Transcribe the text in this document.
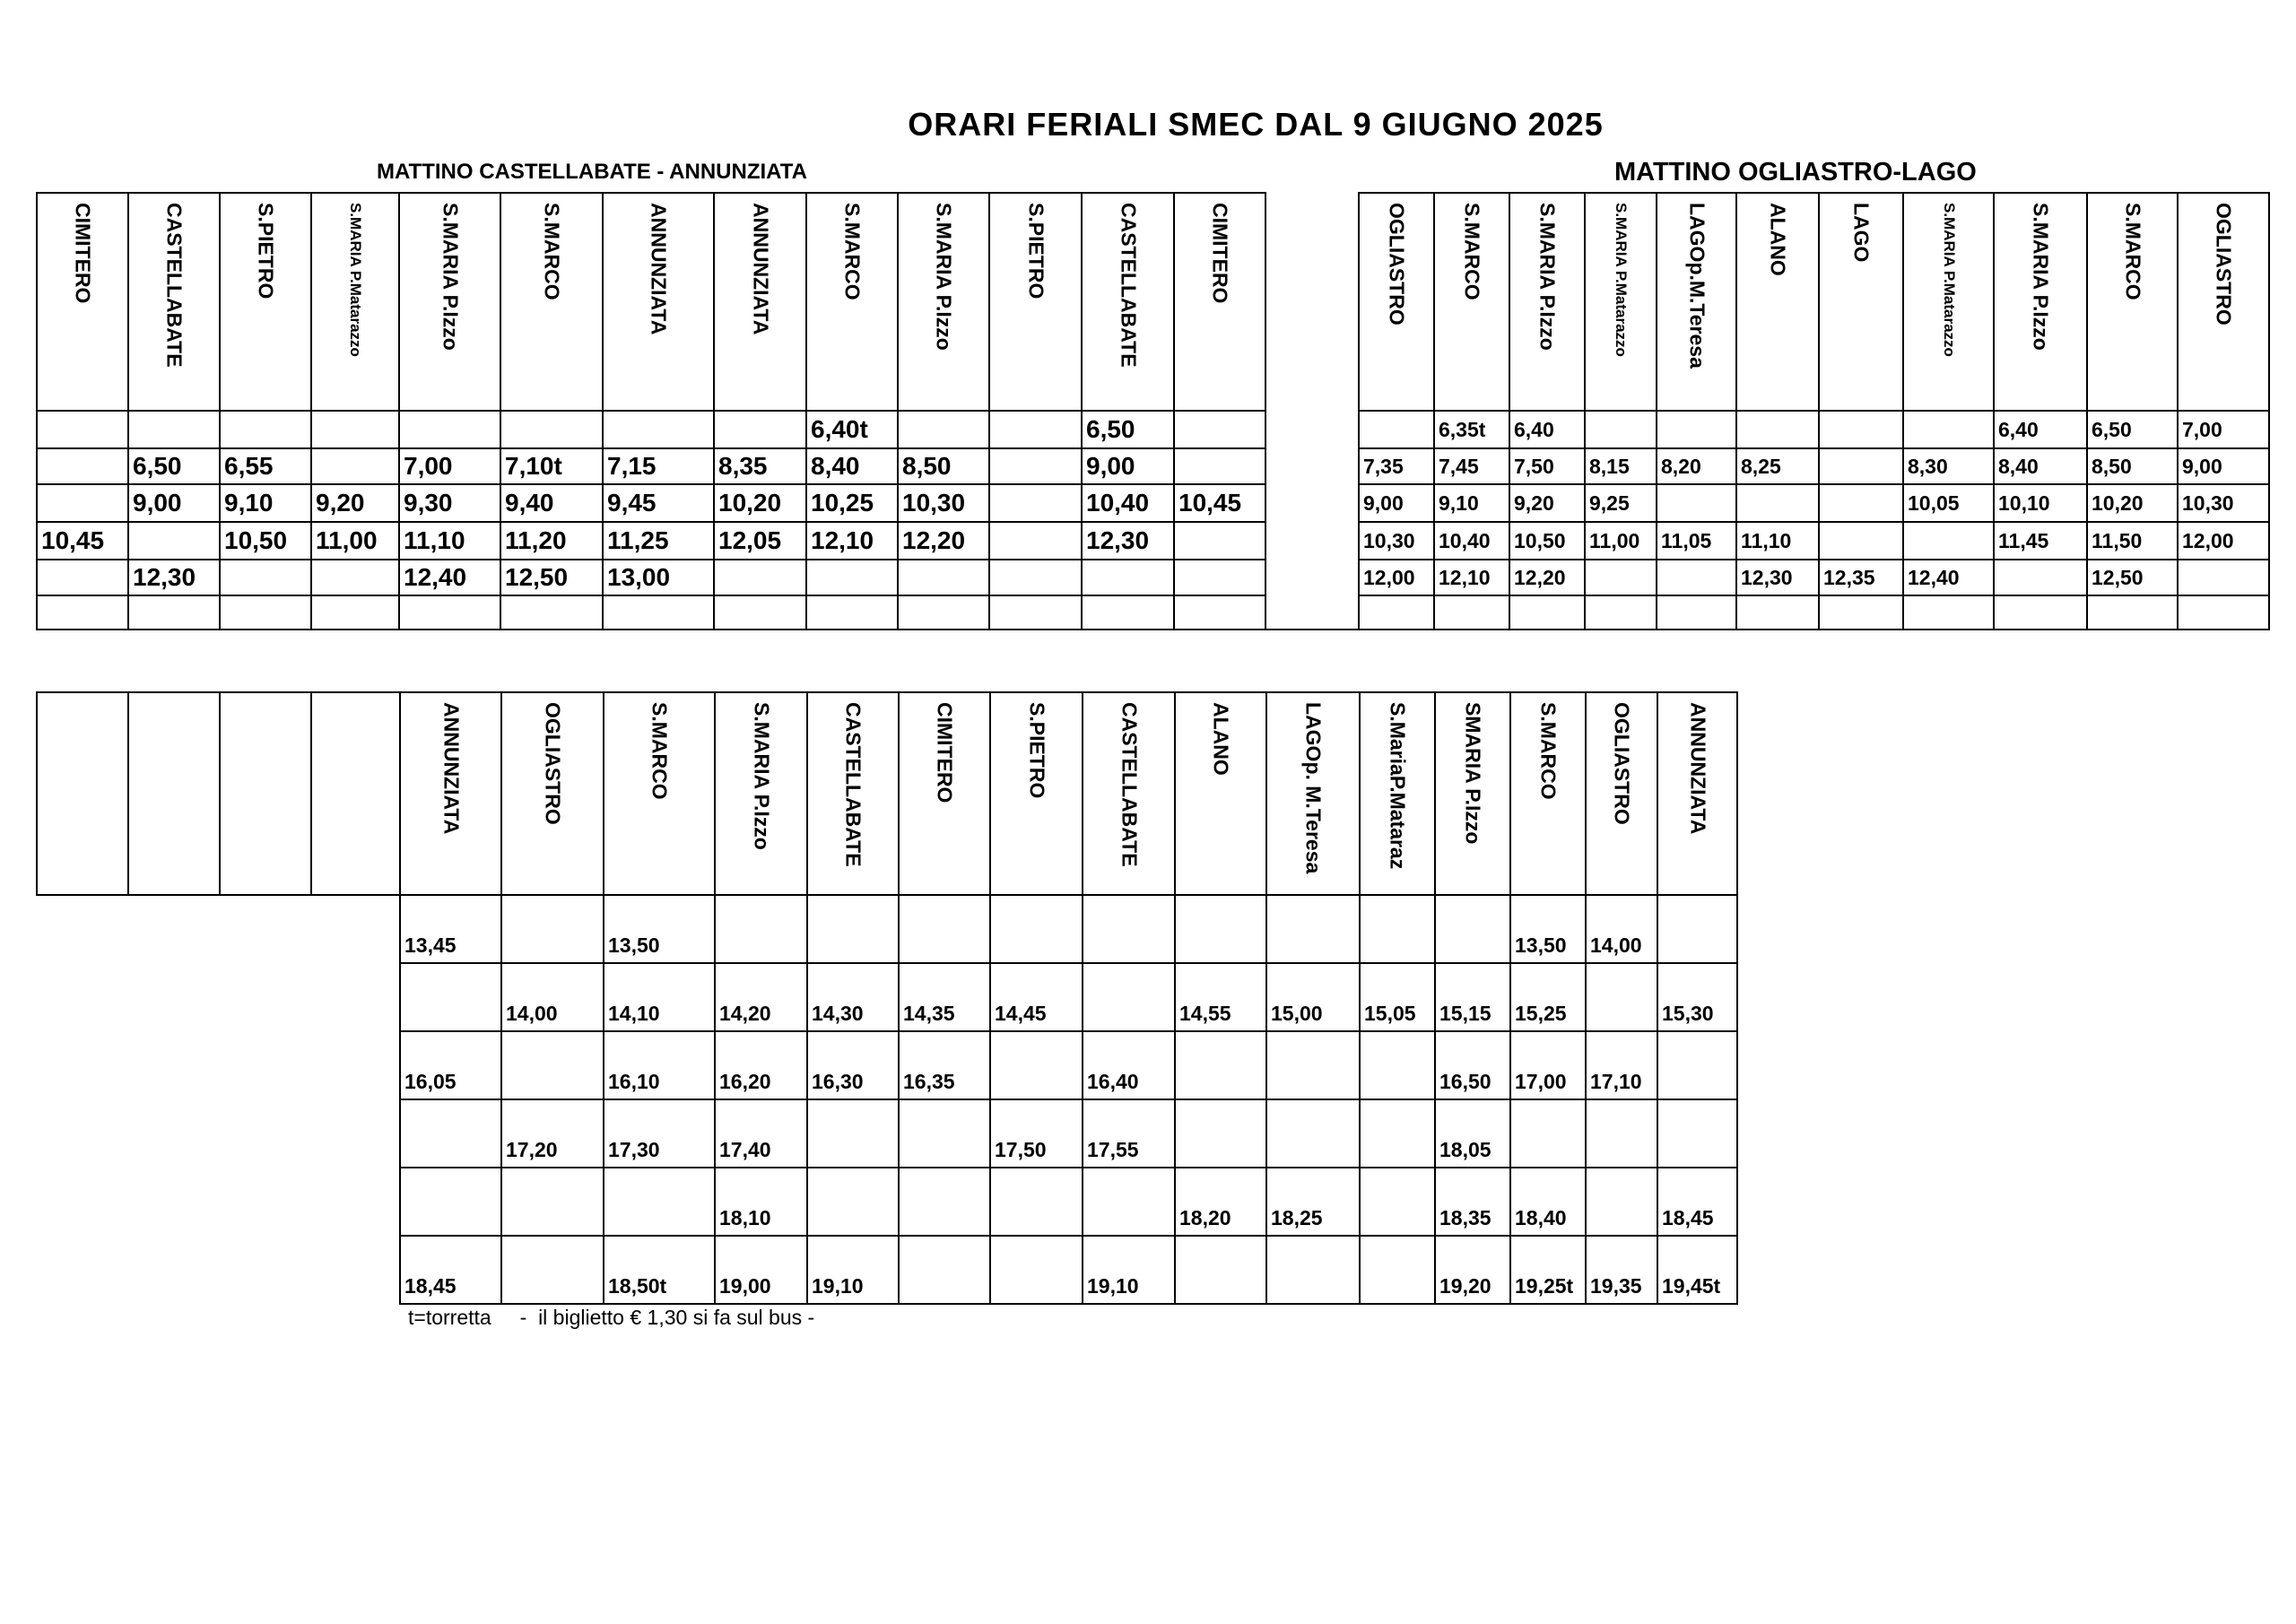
ORARI FERIALI SMEC DAL 9 GIUGNO 2025
MATTINO CASTELLABATE - ANNUNZIATA	MATTINO OGLIASTRO-LAGO
CIMITERO	CASTELLABATE	S.PIETRO	S.MARIA P.Matarazzo	S.MARIA P.Izzo	S.MARCO	ANNUNZIATA	ANNUNZIATA	S.MARCO	S.MARIA P.Izzo	S.PIETRO	CASTELLABATE	CIMITERO		OGLIASTRO	S.MARCO	S.MARIA P.Izzo	S.MARIA P.Matarazzo	LAGOp.M.Teresa	ALANO	LAGO	S.MARIA P.Matarazzo	S.MARIA P.Izzo	S.MARCO	OGLIASTRO

								6,40t			6,50				6,35t	6,40						6,40	6,50	7,00
	6,50	6,55		7,00	7,10t	7,15	8,35	8,40	8,50		9,00			7,35	7,45	7,50	8,15	8,20	8,25		8,30	8,40	8,50	9,00
	9,00	9,10	9,20	9,30	9,40	9,45	10,20	10,25	10,30		10,40	10,45		9,00	9,10	9,20	9,25				10,05	10,10	10,20	10,30
10,45		10,50	11,00	11,10	11,20	11,25	12,05	12,10	12,20		12,30			10,30	10,40	10,50	11,00	11,05	11,10			11,45	11,50	12,00
	12,30			12,40	12,50	13,00								12,00	12,10	12,20			12,30	12,35	12,40		12,50	

				ANNUNZIATA	OGLIASTRO	S.MARCO	S.MARIA P.Izzo	CASTELLABATE	CIMITERO	S.PIETRO	CASTELLABATE	ALANO	LAGOp. M.Teresa	S.MariaP.Mataraz	SMARIA P.Izzo	S.MARCO	OGLIASTRO	ANNUNZIATA

				13,45		13,50										13,50	14,00	
					14,00	14,10	14,20	14,30	14,35	14,45		14,55	15,00	15,05	15,15	15,25		15,30
				16,05		16,10	16,20	16,30	16,35		16,40				16,50	17,00	17,10	
					17,20	17,30	17,40			17,50	17,55				18,05			
							18,10					18,20	18,25		18,35	18,40		18,45
				18,45		18,50t	19,00	19,10			19,10				19,20	19,25t	19,35	19,45t
t=torretta     -  il biglietto € 1,30 si fa sul bus -
